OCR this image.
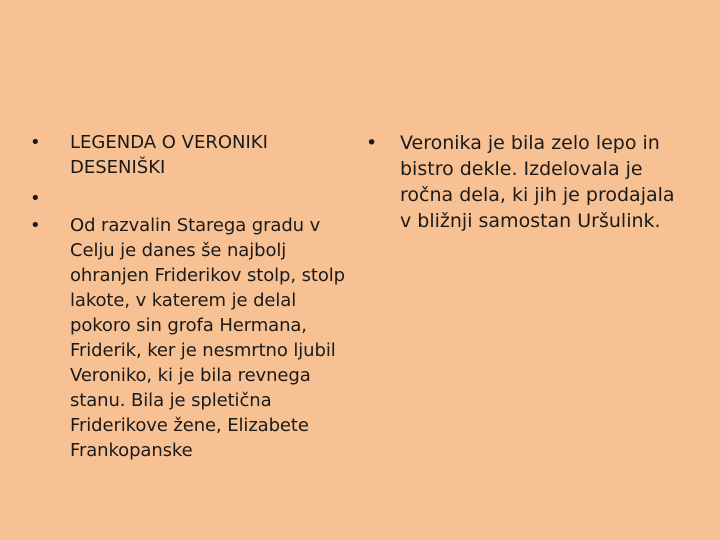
• LEGENDA O VERONIKI DESENIŠKI
•
• Od razvalin Starega gradu v Celju je danes še najbolj ohranjen Friderikov stolp, stolp lakote, v katerem je delal pokoro sin grofa Hermana, Friderik, ker je nesmrtno ljubil Veroniko, ki je bila revnega stanu. Bila je spletična Friderikove žene, Elizabete Frankopanske
• Veronika je bila zelo lepo in bistro dekle. Izdelovala je ročna dela, ki jih je prodajala v bližnji samostan Uršulink.
